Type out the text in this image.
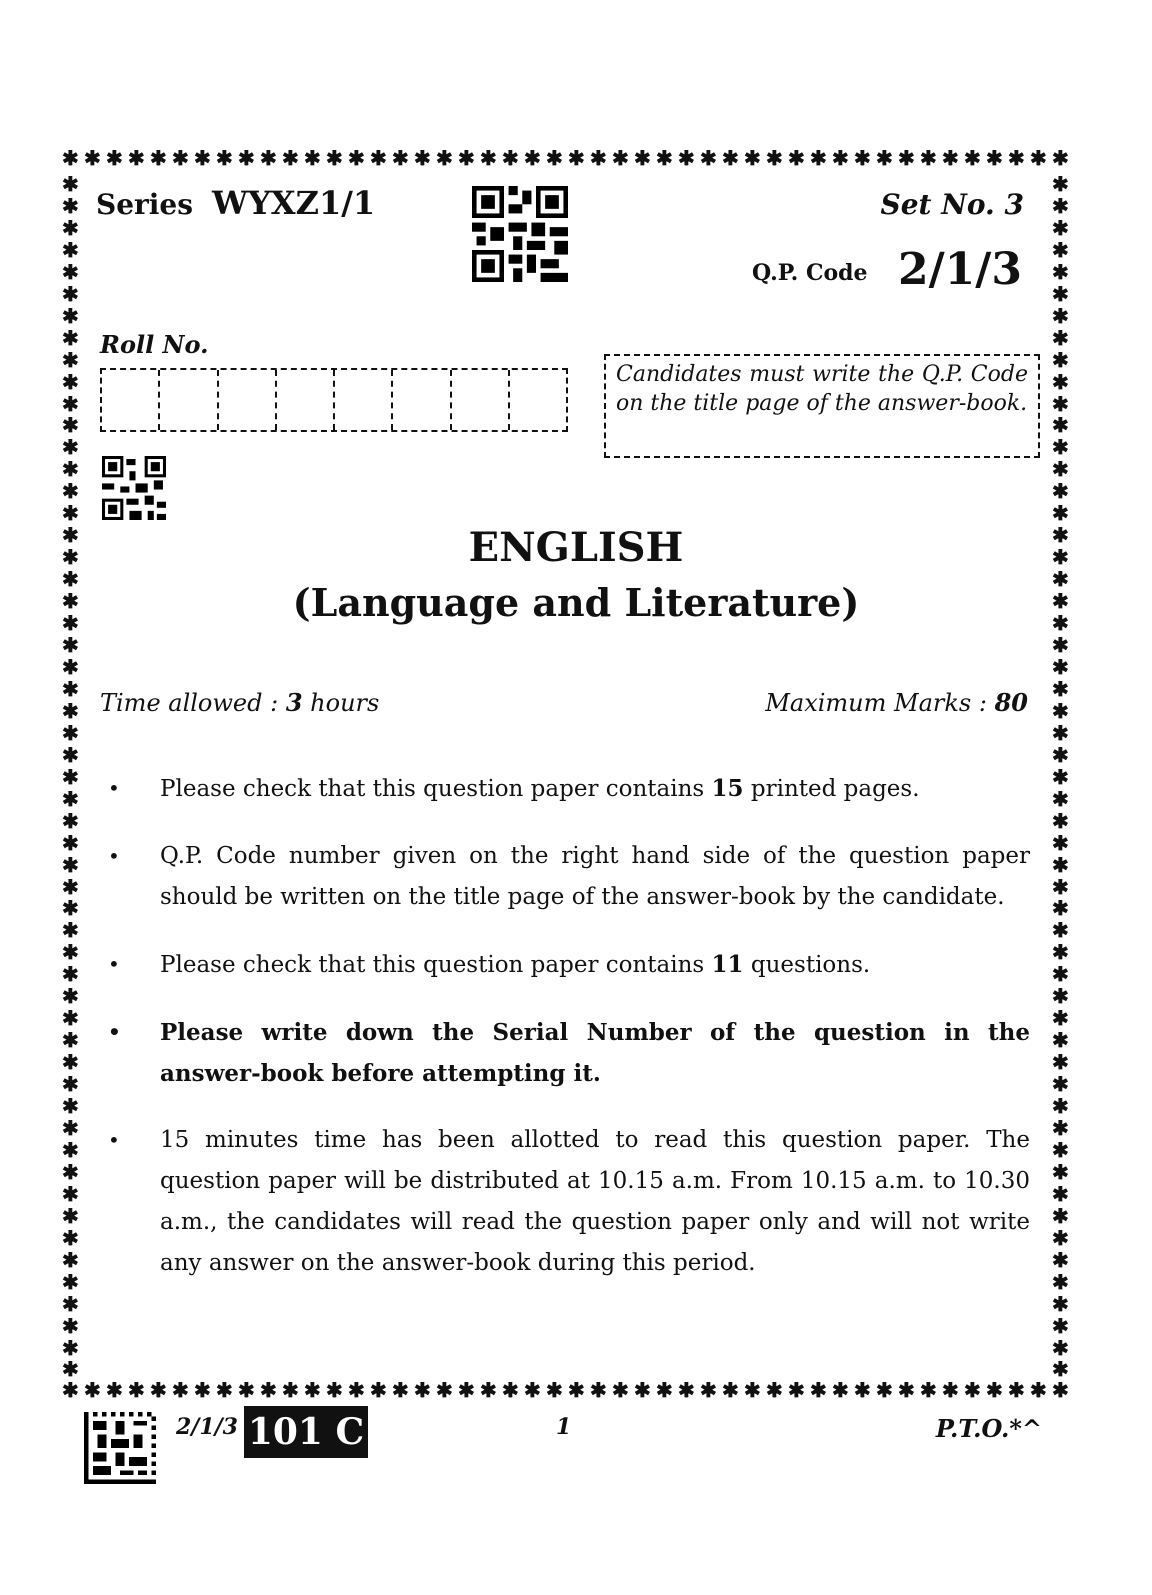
✱ ✱ ✱ ✱ ✱ ✱ ✱ ✱ ✱ ✱ ✱ ✱ ✱ ✱ ✱ ✱ ✱ ✱ ✱ ✱ ✱ ✱ ✱ ✱ ✱ ✱ ✱ ✱ ✱ ✱ ✱ ✱ ✱ ✱ ✱ ✱ ✱ ✱ ✱ ✱ ✱ ✱ ✱ ✱ ✱ ✱
✱ ✱ ✱ ✱ ✱ ✱ ✱ ✱ ✱ ✱ ✱ ✱ ✱ ✱ ✱ ✱ ✱ ✱ ✱ ✱ ✱ ✱ ✱ ✱ ✱ ✱ ✱ ✱ ✱ ✱ ✱ ✱ ✱ ✱ ✱ ✱ ✱ ✱ ✱ ✱ ✱ ✱ ✱ ✱ ✱ ✱
✱
✱
✱
✱
✱
✱
✱
✱
✱
✱
✱
✱
✱
✱
✱
✱
✱
✱
✱
✱
✱
✱
✱
✱
✱
✱
✱
✱
✱
✱
✱
✱
✱
✱
✱
✱
✱
✱
✱
✱
✱
✱
✱
✱
✱
✱
✱
✱
✱
✱
✱
✱
✱
✱
✱
✱
✱
✱
✱
✱
✱
✱
✱
✱
✱
✱
✱
✱
✱
✱
✱
✱
✱
✱
✱
✱
✱
✱
✱
✱
✱
✱
✱
✱
✱
✱
✱
✱
✱
✱
✱
✱
✱
✱
✱
✱
✱
✱
✱
✱
✱
✱
✱
✱
✱
✱
✱
✱
✱
✱
Series WYXZ1/1	Set No. 3
Q.P. Code 2/1/3
Roll No.
Candidates must write the Q.P. Code on the title page of the answer-book.
ENGLISH
(Language and Literature)
Time allowed : 3 hours	Maximum Marks : 80
• Please check that this question paper contains 15 printed pages.
• Q.P. Code number given on the right hand side of the question paper should be written on the title page of the answer-book by the candidate.
• Please check that this question paper contains 11 questions.
• Please write down the Serial Number of the question in the answer-book before attempting it.
• 15 minutes time has been allotted to read this question paper. The question paper will be distributed at 10.15 a.m. From 10.15 a.m. to 10.30 a.m., the candidates will read the question paper only and will not write any answer on the answer-book during this period.
2/1/3 101 C	1	P.T.O.*^
